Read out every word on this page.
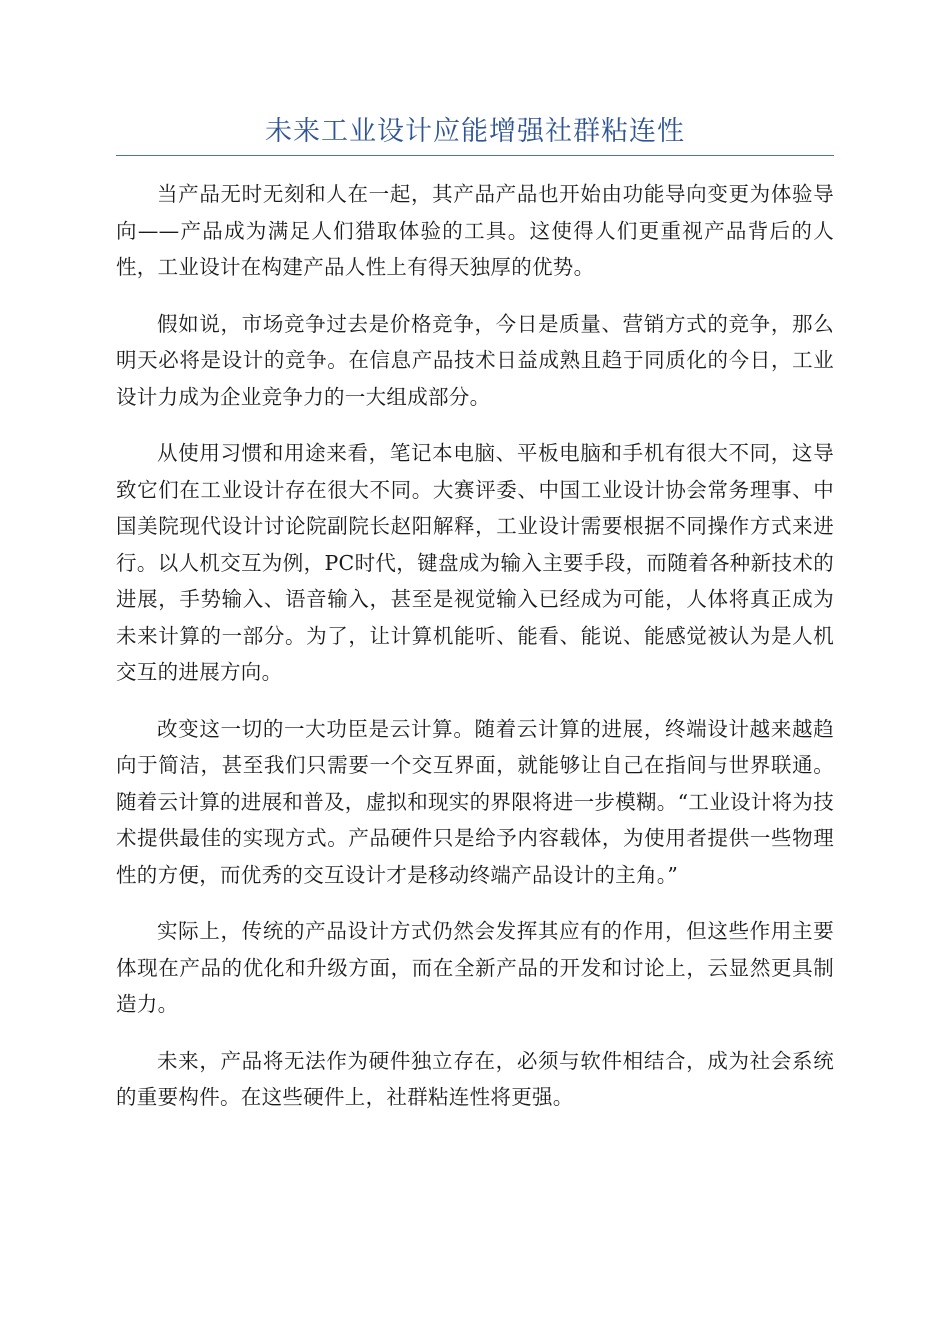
未来工业设计应能增强社群粘连性

当产品无时无刻和人在一起，其产品产品也开始由功能导向变更为体验导向——产品成为满足人们猎取体验的工具。这使得人们更重视产品背后的人性，工业设计在构建产品人性上有得天独厚的优势。

假如说，市场竞争过去是价格竞争，今日是质量、营销方式的竞争，那么明天必将是设计的竞争。在信息产品技术日益成熟且趋于同质化的今日，工业设计力成为企业竞争力的一大组成部分。

从使用习惯和用途来看，笔记本电脑、平板电脑和手机有很大不同，这导致它们在工业设计存在很大不同。大赛评委、中国工业设计协会常务理事、中国美院现代设计讨论院副院长赵阳解释，工业设计需要根据不同操作方式来进行。以人机交互为例，PC时代，键盘成为输入主要手段，而随着各种新技术的进展，手势输入、语音输入，甚至是视觉输入已经成为可能，人体将真正成为未来计算的一部分。为了，让计算机能听、能看、能说、能感觉被认为是人机交互的进展方向。

改变这一切的一大功臣是云计算。随着云计算的进展，终端设计越来越趋向于简洁，甚至我们只需要一个交互界面，就能够让自己在指间与世界联通。随着云计算的进展和普及，虚拟和现实的界限将进一步模糊。“工业设计将为技术提供最佳的实现方式。产品硬件只是给予内容载体，为使用者提供一些物理性的方便，而优秀的交互设计才是移动终端产品设计的主角。”

实际上，传统的产品设计方式仍然会发挥其应有的作用，但这些作用主要体现在产品的优化和升级方面，而在全新产品的开发和讨论上，云显然更具制造力。

未来，产品将无法作为硬件独立存在，必须与软件相结合，成为社会系统的重要构件。在这些硬件上，社群粘连性将更强。
